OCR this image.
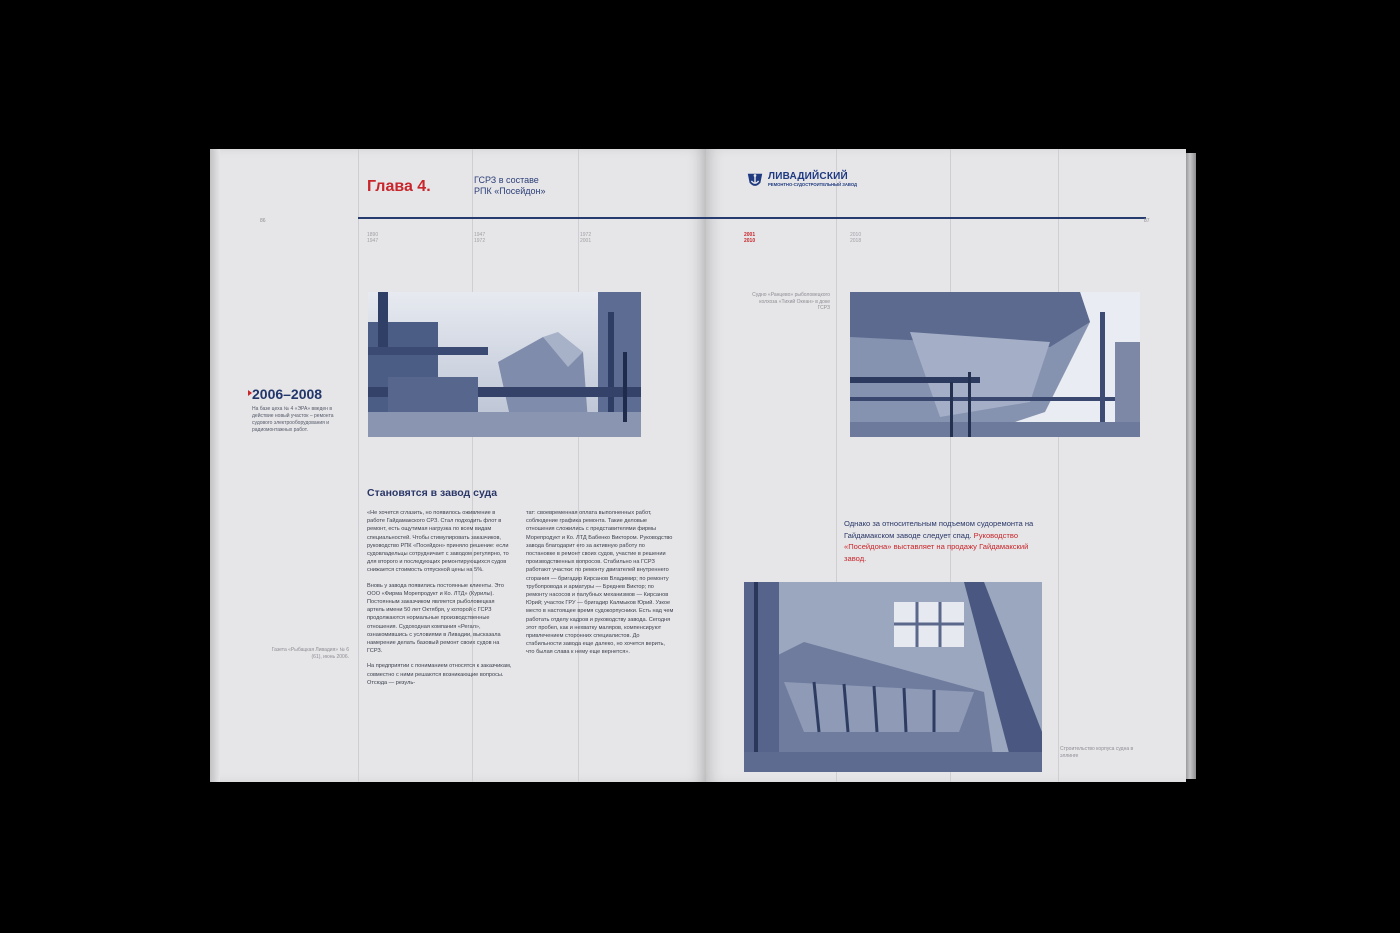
Глава 4.	ГСРЗ в составе
РПК «Посейдон»
86
1890
1947
1947
1972
1972
2001
2006–2008
На базе цеха № 4 «ЭРА» введен в действие новый участок – ремонта судового электрооборудования и радиомонтажных работ.
Газета «Рыбацкая Ливадия» № 6 (61), июнь 2006.
Становятся в завод суда

«Не хочется сглазить, но появилось оживление в работе Гайдамакского СРЗ. Стал подходить флот в ремонт, есть ощутимая нагрузка по всем видам специальностей. Чтобы стимулировать заказчиков, руководство РПК «Посейдон» приняло решение: если судовладельцы сотрудничает с заводом регулярно, то для второго и последующих ремонтирующихся судов снижается стоимость отпускной цены на 5%.

Вновь у завода появились постоянные клиенты. Это ООО «Фирма Морепродукт и Ко. ЛТД» (Курилы). Постоянным заказчиком является рыболовецкая артель имени 50 лет Октября, у которой с ГСРЗ продолжаются нормальные производственные отношения. Судоходная компания «Регал», ознакомившись с условиями в Ливадии, высказала намерение делать базовый ремонт своих судов на ГСРЗ.

На предприятии с пониманием относятся к заказчикам, совместно с ними решаются возникающие вопросы. Отсюда — резуль-

тат: своевременная оплата выполненных работ, соблюдение графика ремонта. Такие деловые отношения сложились с представителями фирмы Морепродукт и Ко. ЛТД Бабенко Виктором. Руководство завода благодарит его за активную работу по постановке в ремонт своих судов, участие в решении производственных вопросов. Стабильно на ГСРЗ работают участки: по ремонту двигателей внутреннего сгорания — бригадир Кирсанов Владимир; по ремонту трубопровода и арматуры — Бреднев Виктор; по ремонту насосов и палубных механизмов — Кирсанов Юрий; участок ГРУ — бригадир Калмыков Юрий. Узкое место в настоящее время судокорпусники. Есть над чем работать отделу кадров и руководству завода. Сегодня этот пробел, как и нехватку маляров, компенсируют привлечением сторонних специалистов. До стабильности завода еще далеко, но хочется верить, что былая слава к нему еще вернется».

ЛИВАДИЙСКИЙ
РЕМОНТНО-СУДОСТРОИТЕЛЬНЫЙ ЗАВОД
87
2001
2010
2010
2018
Судно «Ранцево» рыболовецкого колхоза «Тихий Океан» в доке ГСРЗ
Однако за относительным подъемом судоремонта на Гайдамакском заводе следует спад. Руководство «Посейдона» выставляет на продажу Гайдамакский завод.
Строительство корпуса судна в эллинге
